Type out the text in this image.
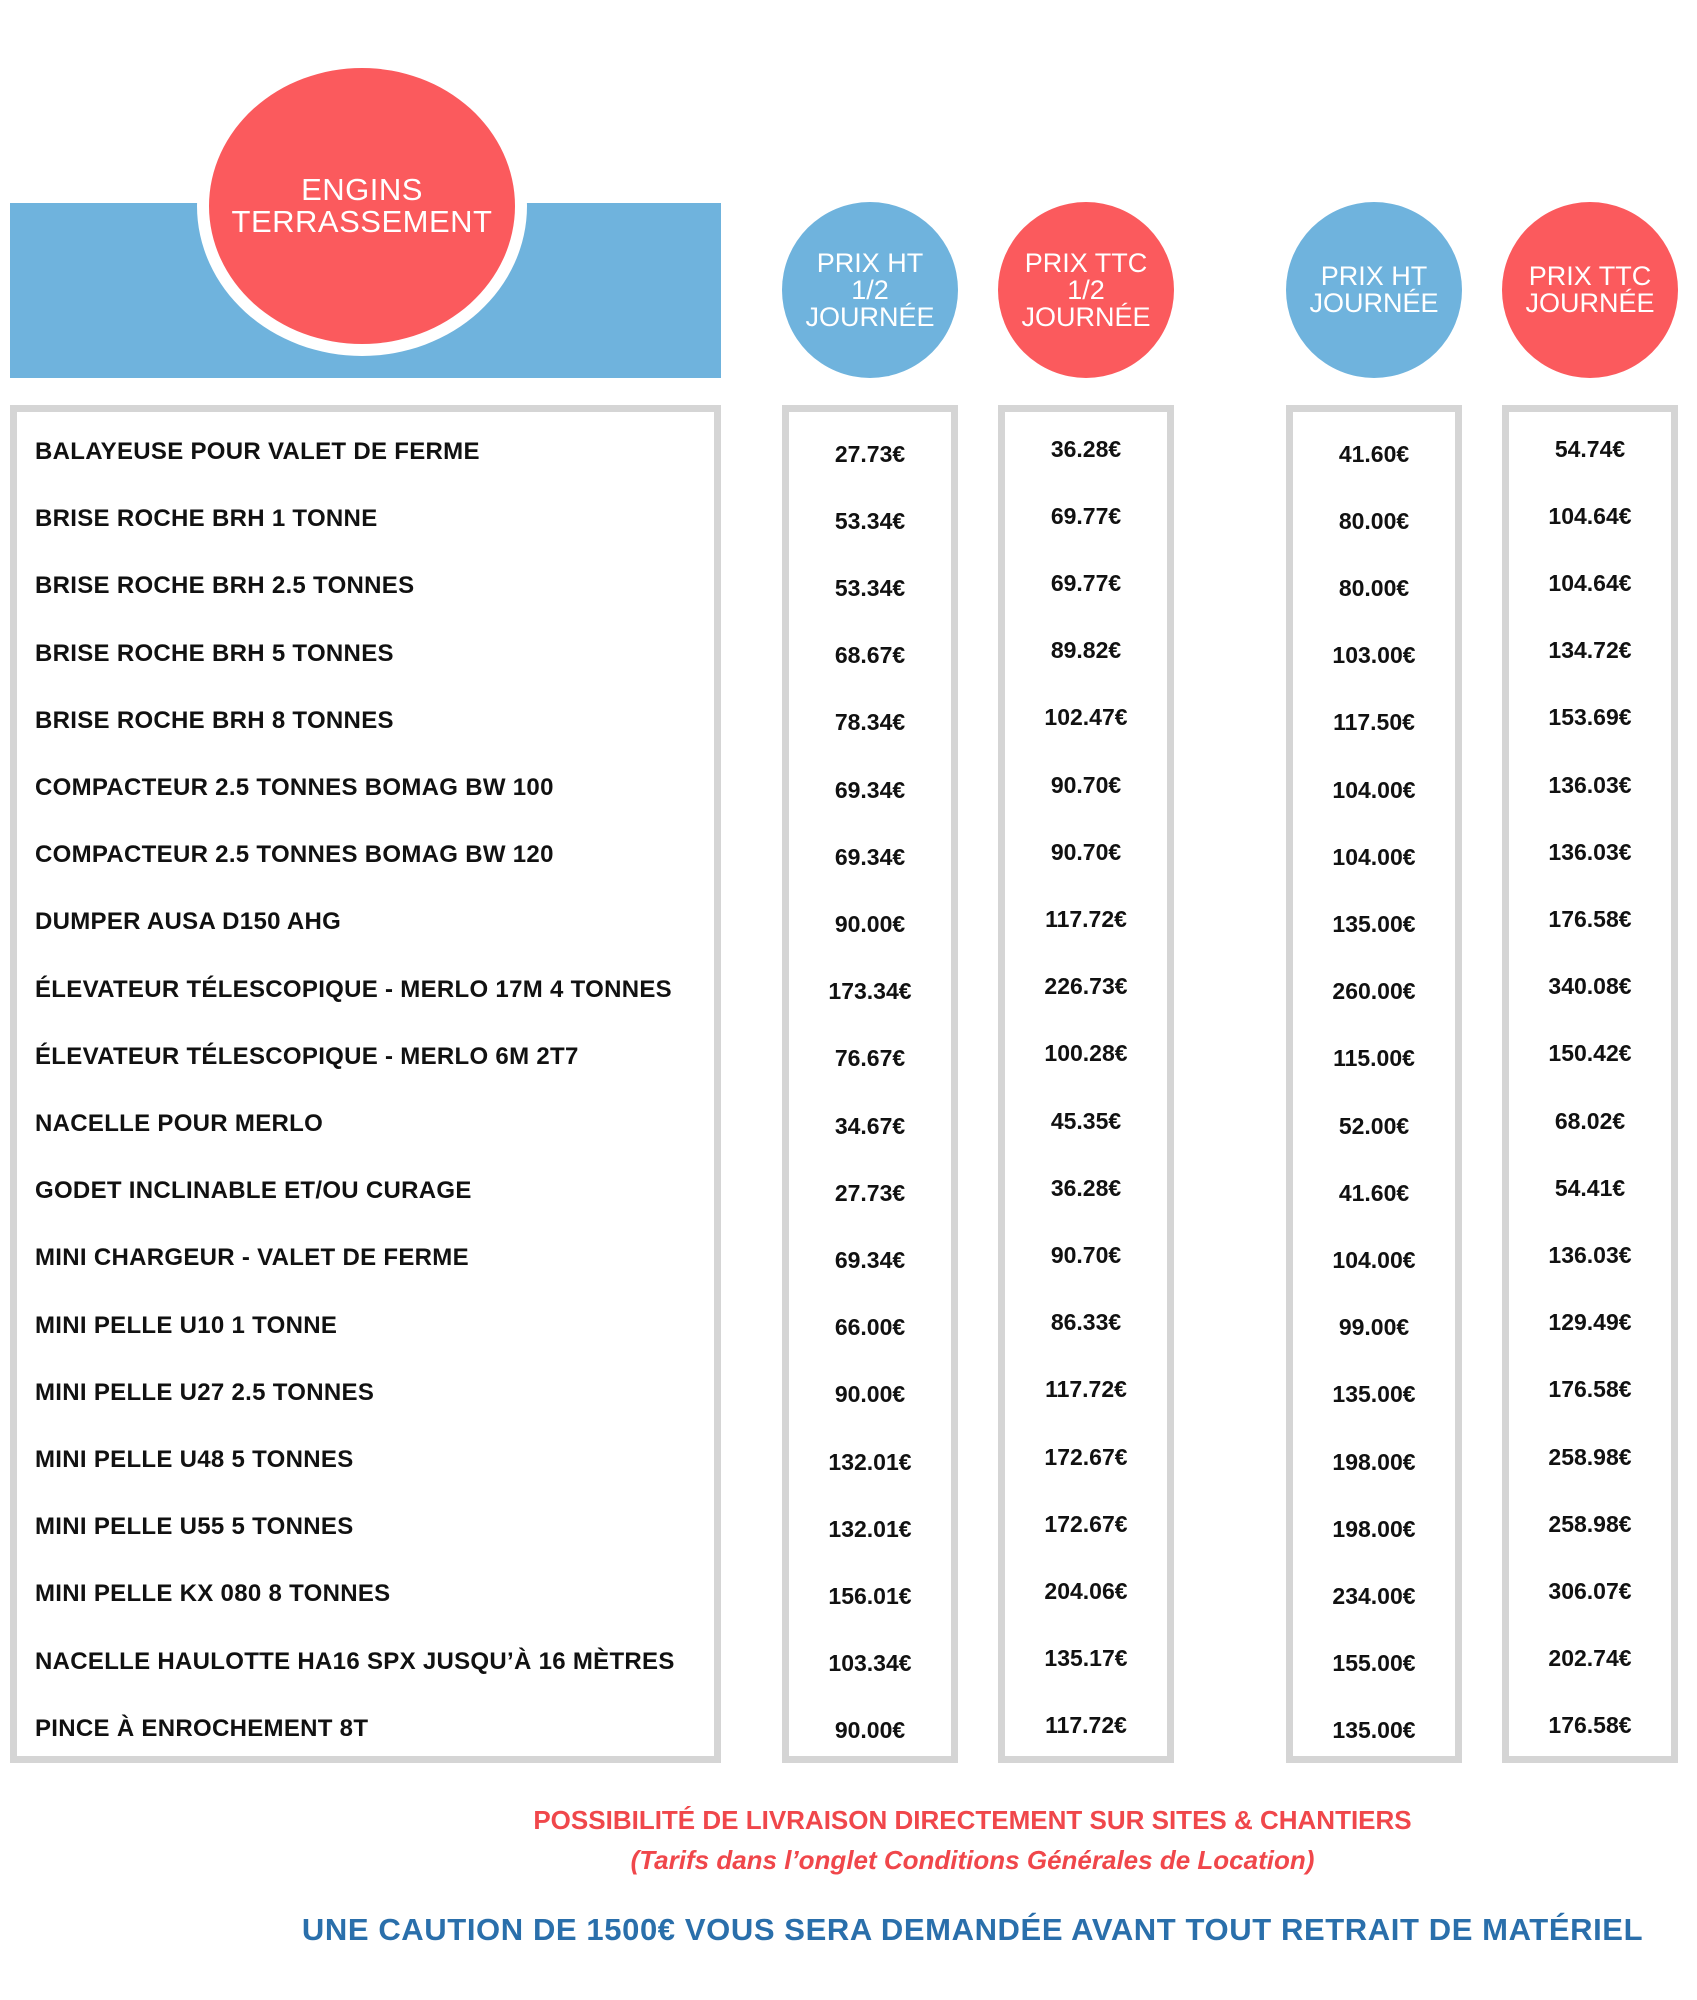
ENGINS
TERRASSEMENT
PRIX HT
1/2
JOURNÉE
PRIX TTC
1/2
JOURNÉE
PRIX HT
JOURNÉE
PRIX TTC
JOURNÉE
BALAYEUSE POUR VALET DE FERME
BRISE ROCHE BRH 1 TONNE
BRISE ROCHE BRH 2.5 TONNES
BRISE ROCHE BRH 5 TONNES
BRISE ROCHE BRH 8 TONNES
COMPACTEUR 2.5 TONNES BOMAG BW 100
COMPACTEUR 2.5 TONNES BOMAG BW 120
DUMPER AUSA D150 AHG
ÉLEVATEUR TÉLESCOPIQUE - MERLO 17M 4 TONNES
ÉLEVATEUR TÉLESCOPIQUE - MERLO 6M 2T7
NACELLE POUR MERLO
GODET INCLINABLE ET/OU CURAGE
MINI CHARGEUR - VALET DE FERME
MINI PELLE U10 1 TONNE
MINI PELLE U27 2.5 TONNES
MINI PELLE U48 5 TONNES
MINI PELLE U55 5 TONNES
MINI PELLE KX 080 8 TONNES
NACELLE HAULOTTE HA16 SPX JUSQU’À 16 MÈTRES
PINCE À ENROCHEMENT 8T
27.73€
53.34€
53.34€
68.67€
78.34€
69.34€
69.34€
90.00€
173.34€
76.67€
34.67€
27.73€
69.34€
66.00€
90.00€
132.01€
132.01€
156.01€
103.34€
90.00€
36.28€
69.77€
69.77€
89.82€
102.47€
90.70€
90.70€
117.72€
226.73€
100.28€
45.35€
36.28€
90.70€
86.33€
117.72€
172.67€
172.67€
204.06€
135.17€
117.72€
41.60€
80.00€
80.00€
103.00€
117.50€
104.00€
104.00€
135.00€
260.00€
115.00€
52.00€
41.60€
104.00€
99.00€
135.00€
198.00€
198.00€
234.00€
155.00€
135.00€
54.74€
104.64€
104.64€
134.72€
153.69€
136.03€
136.03€
176.58€
340.08€
150.42€
68.02€
54.41€
136.03€
129.49€
176.58€
258.98€
258.98€
306.07€
202.74€
176.58€
POSSIBILITÉ DE LIVRAISON DIRECTEMENT SUR SITES & CHANTIERS
(Tarifs dans l’onglet Conditions Générales de Location)
UNE CAUTION DE 1500€ VOUS SERA DEMANDÉE AVANT TOUT RETRAIT DE MATÉRIEL
